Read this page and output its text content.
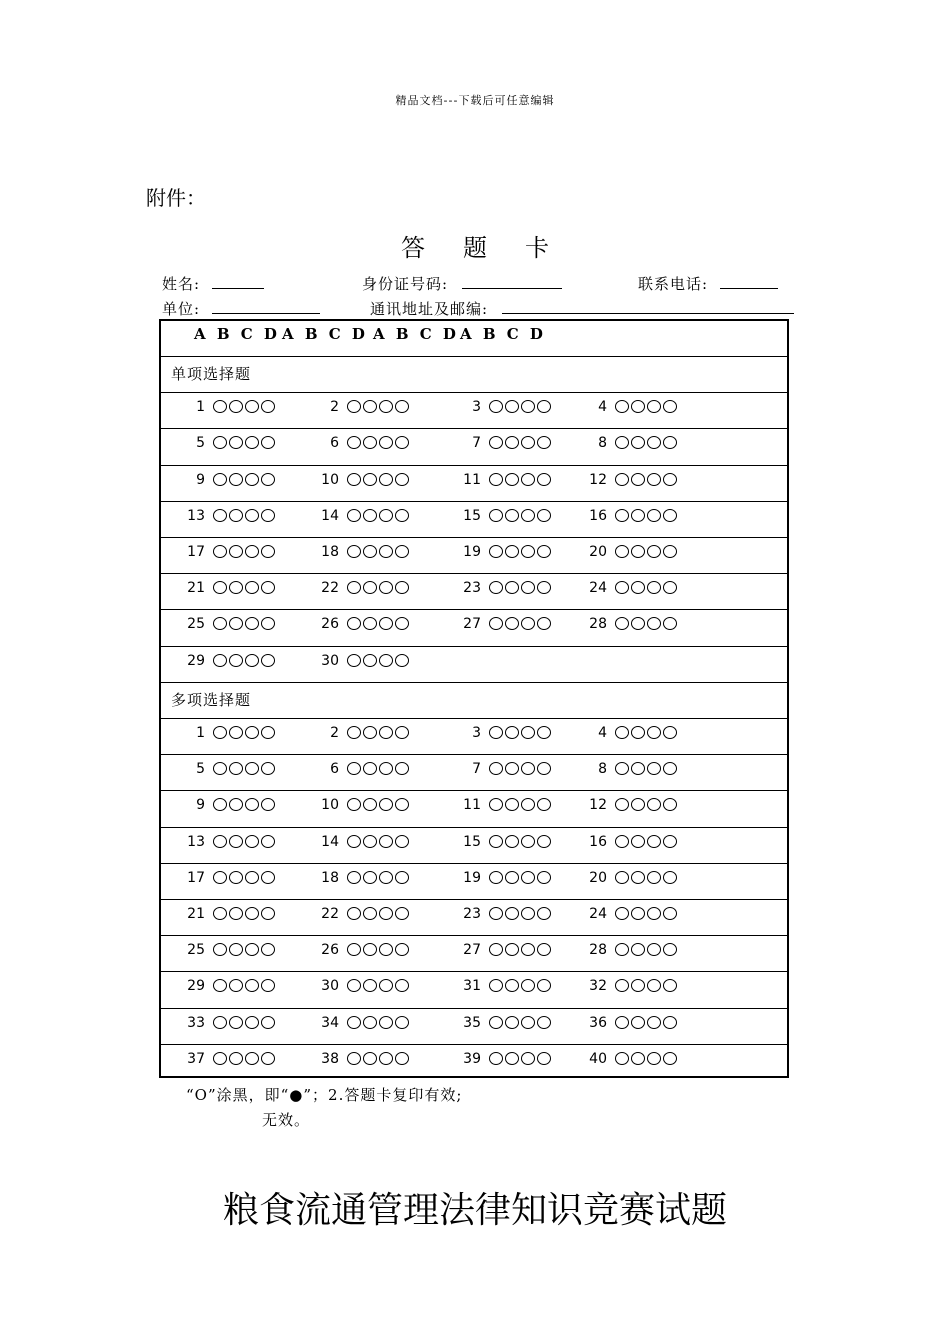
精品文档---下载后可任意编辑
附件：
答题卡
姓名:	身份证号码:	联系电话:
单位:	通讯地址及邮编:
A B C D A B C D A B C D A B C D
单项选择题
1	2	3	4
5	6	7	8
9	10	11	12
13	14	15	16
17	18	19	20
21	22	23	24
25	26	27	28
29	30
多项选择题
1	2	3	4
5	6	7	8
9	10	11	12
13	14	15	16
17	18	19	20
21	22	23	24
25	26	27	28
29	30	31	32
33	34	35	36
37	38	39	40
“O”涂黑，即“●”；2.答题卡复印有效;
无效。
粮食流通管理法律知识竞赛试题
